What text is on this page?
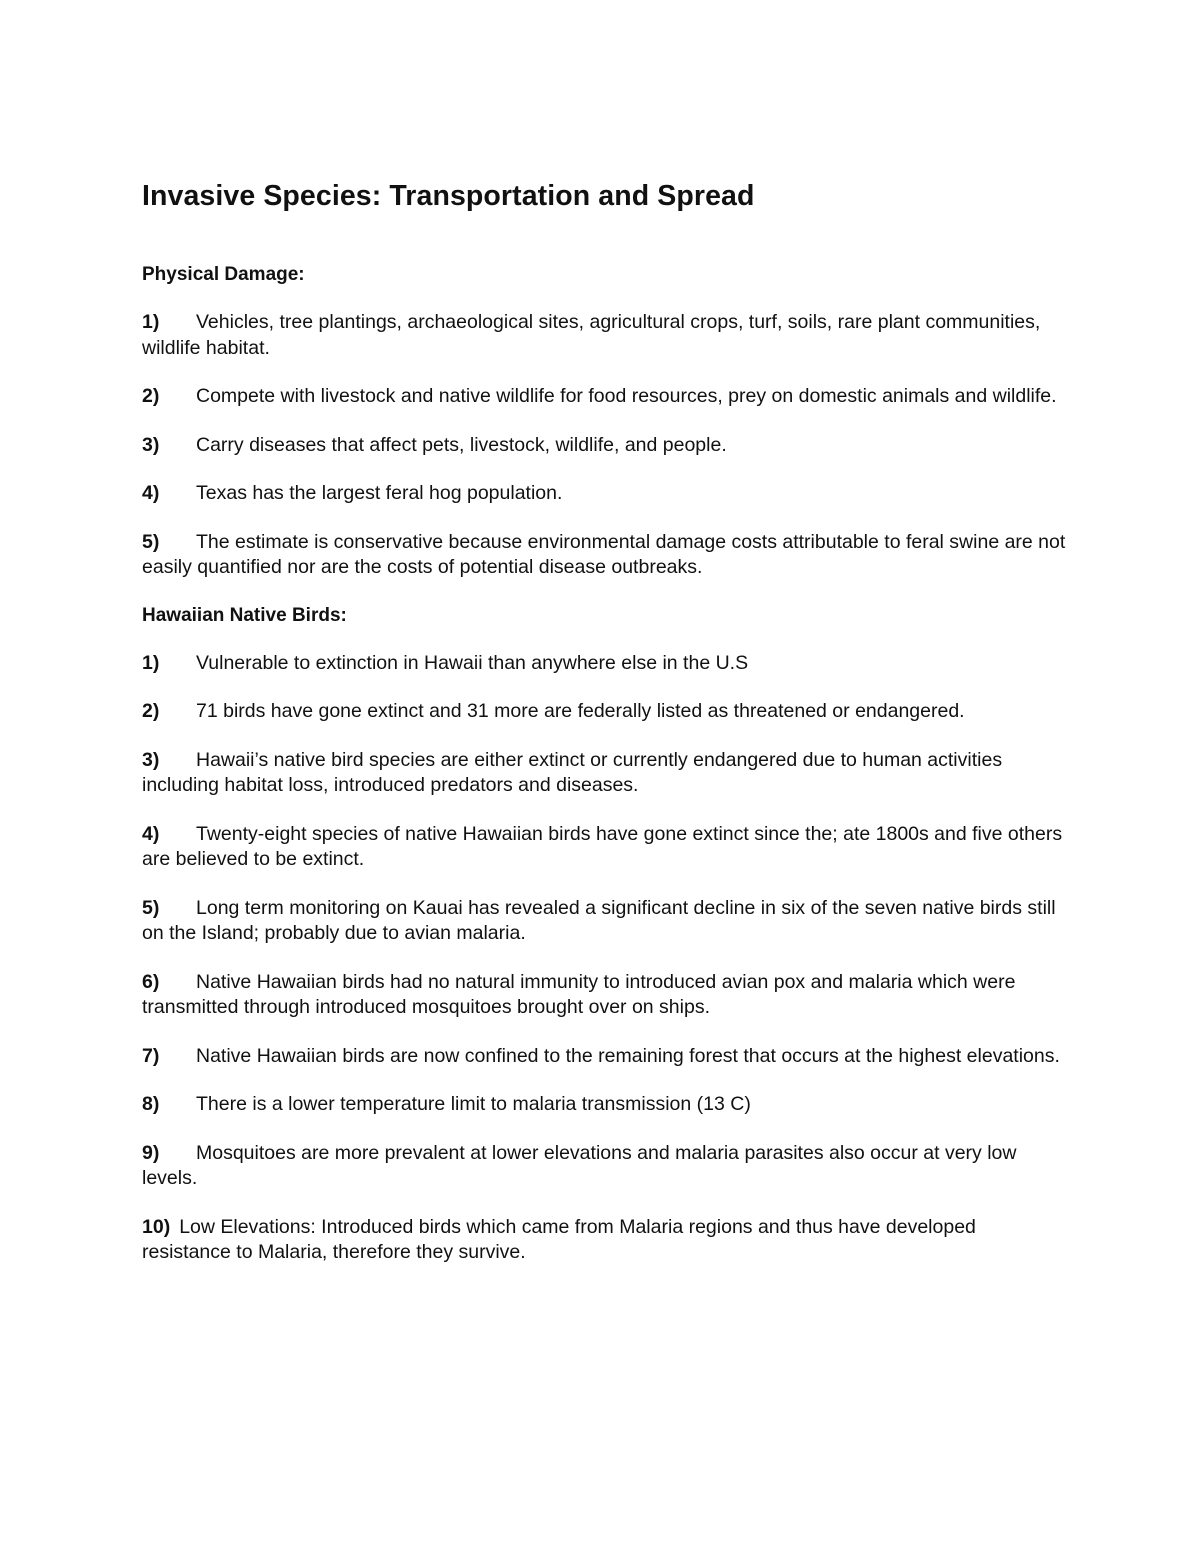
Invasive Species: Transportation and Spread
Physical Damage:

1) Vehicles, tree plantings, archaeological sites, agricultural crops, turf, soils, rare plant communities, wildlife habitat.

2) Compete with livestock and native wildlife for food resources, prey on domestic animals and wildlife.

3) Carry diseases that affect pets, livestock, wildlife, and people.

4) Texas has the largest feral hog population.

5) The estimate is conservative because environmental damage costs attributable to feral swine are not easily quantified nor are the costs of potential disease outbreaks.

Hawaiian Native Birds:

1) Vulnerable to extinction in Hawaii than anywhere else in the U.S

2) 71 birds have gone extinct and 31 more are federally listed as threatened or endangered.

3) Hawaii’s native bird species are either extinct or currently endangered due to human activities including habitat loss, introduced predators and diseases.

4) Twenty-eight species of native Hawaiian birds have gone extinct since the; ate 1800s and five others are believed to be extinct.

5) Long term monitoring on Kauai has revealed a significant decline in six of the seven native birds still on the Island; probably due to avian malaria.

6) Native Hawaiian birds had no natural immunity to introduced avian pox and malaria which were transmitted through introduced mosquitoes brought over on ships.

7) Native Hawaiian birds are now confined to the remaining forest that occurs at the highest elevations.

8) There is a lower temperature limit to malaria transmission (13 C)

9) Mosquitoes are more prevalent at lower elevations and malaria parasites also occur at very low levels.

10) Low Elevations: Introduced birds which came from Malaria regions and thus have developed resistance to Malaria, therefore they survive.
